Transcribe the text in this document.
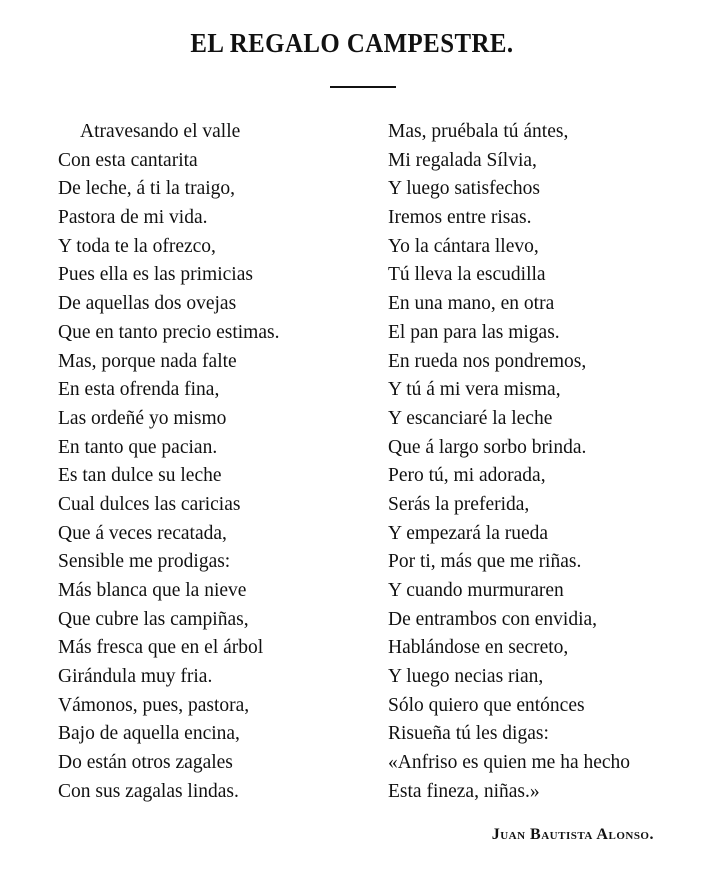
EL REGALO CAMPESTRE.
Atravesando el valle
Con esta cantarita
De leche, á ti la traigo,
Pastora de mi vida.
Y toda te la ofrezco,
Pues ella es las primicias
De aquellas dos ovejas
Que en tanto precio estimas.
Mas, porque nada falte
En esta ofrenda fina,
Las ordeñé yo mismo
En tanto que pacian.
Es tan dulce su leche
Cual dulces las caricias
Que á veces recatada,
Sensible me prodigas:
Más blanca que la nieve
Que cubre las campiñas,
Más fresca que en el árbol
Girándula muy fria.
Vámonos, pues, pastora,
Bajo de aquella encina,
Do están otros zagales
Con sus zagalas lindas.
Mas, pruébala tú ántes,
Mi regalada Sílvia,
Y luego satisfechos
Iremos entre risas.
Yo la cántara llevo,
Tú lleva la escudilla
En una mano, en otra
El pan para las migas.
En rueda nos pondremos,
Y tú á mi vera misma,
Y escanciaré la leche
Que á largo sorbo brinda.
Pero tú, mi adorada,
Serás la preferida,
Y empezará la rueda
Por ti, más que me riñas.
Y cuando murmuraren
De entrambos con envidia,
Hablándose en secreto,
Y luego necias rian,
Sólo quiero que entónces
Risueña tú les digas:
«Anfriso es quien me ha hecho
Esta fineza, niñas.»
Juan Bautista Alonso.
